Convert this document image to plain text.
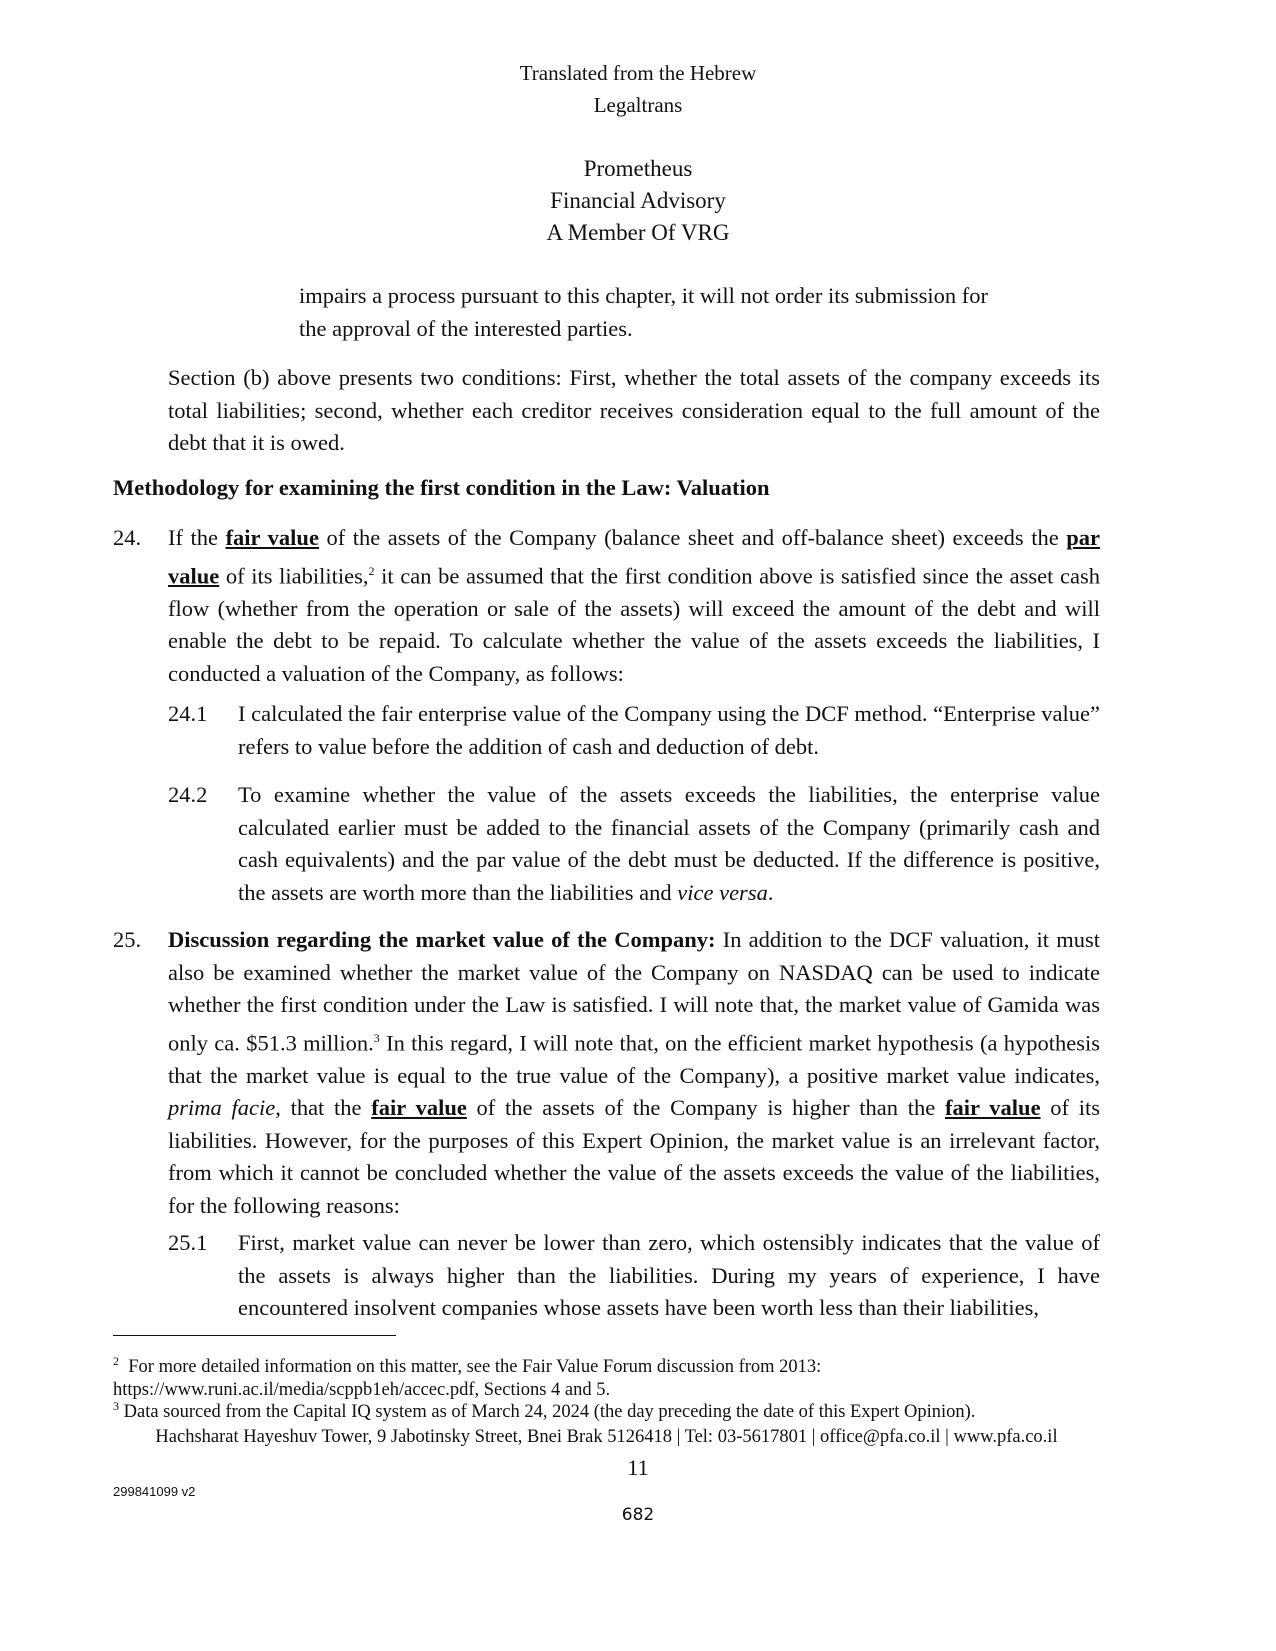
Translated from the Hebrew
Legaltrans
Prometheus
Financial Advisory
A Member Of VRG
impairs a process pursuant to this chapter, it will not order its submission for
the approval of the interested parties.
Section (b) above presents two conditions: First, whether the total assets of the company exceeds its total liabilities; second, whether each creditor receives consideration equal to the full amount of the debt that it is owed.
Methodology for examining the first condition in the Law: Valuation
24. If the fair value of the assets of the Company (balance sheet and off-balance sheet) exceeds the par value of its liabilities,$^2$ it can be assumed that the first condition above is satisfied since the asset cash flow (whether from the operation or sale of the assets) will exceed the amount of the debt and will enable the debt to be repaid. To calculate whether the value of the assets exceeds the liabilities, I conducted a valuation of the Company, as follows:
24.1 I calculated the fair enterprise value of the Company using the DCF method. “Enterprise value” refers to value before the addition of cash and deduction of debt.
24.2 To examine whether the value of the assets exceeds the liabilities, the enterprise value calculated earlier must be added to the financial assets of the Company (primarily cash and cash equivalents) and the par value of the debt must be deducted. If the difference is positive, the assets are worth more than the liabilities and vice versa.
25. Discussion regarding the market value of the Company: In addition to the DCF valuation, it must also be examined whether the market value of the Company on NASDAQ can be used to indicate whether the first condition under the Law is satisfied. I will note that, the market value of Gamida was only ca. $51.3 million.$^3$ In this regard, I will note that, on the efficient market hypothesis (a hypothesis that the market value is equal to the true value of the Company), a positive market value indicates, prima facie, that the fair value of the assets of the Company is higher than the fair value of its liabilities. However, for the purposes of this Expert Opinion, the market value is an irrelevant factor, from which it cannot be concluded whether the value of the assets exceeds the value of the liabilities, for the following reasons:
25.1 First, market value can never be lower than zero, which ostensibly indicates that the value of the assets is always higher than the liabilities. During my years of experience, I have encountered insolvent companies whose assets have been worth less than their liabilities,
$^2$ For more detailed information on this matter, see the Fair Value Forum discussion from 2013:
https://www.runi.ac.il/media/scppb1eh/accec.pdf, Sections 4 and 5.
$^3$ Data sourced from the Capital IQ system as of March 24, 2024 (the day preceding the date of this Expert Opinion).
Hachsharat Hayeshuv Tower, 9 Jabotinsky Street, Bnei Brak 5126418 | Tel: 03-5617801 | office@pfa.co.il | www.pfa.co.il
11
299841099 v2
682
